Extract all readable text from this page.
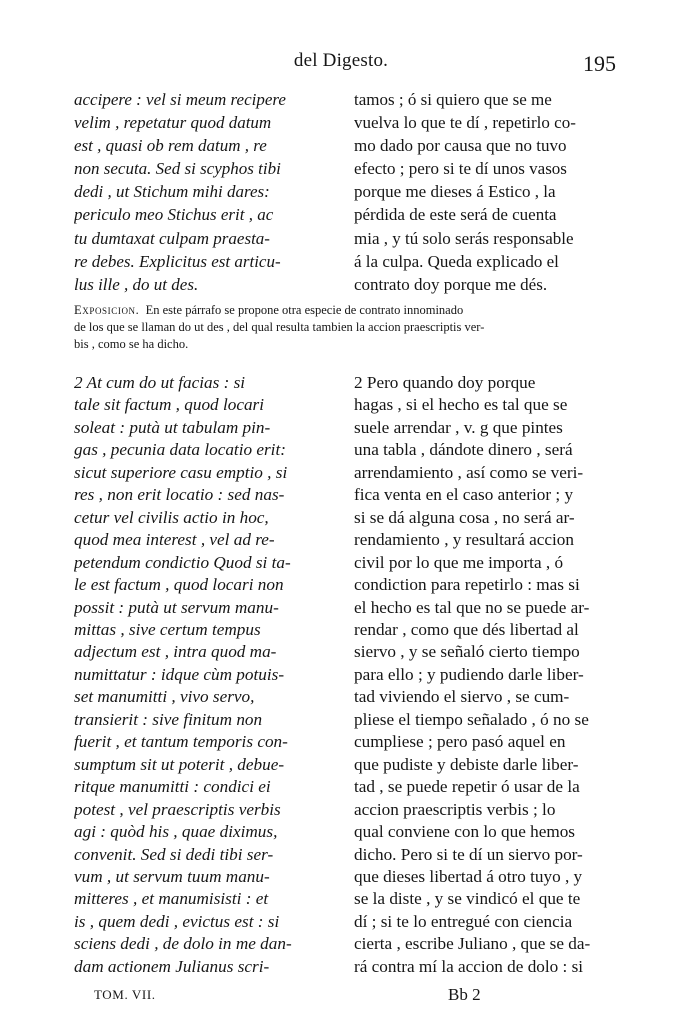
del Digesto.	195
accipere : vel si meum recipere
velim , repetatur quod datum
est , quasi ob rem datum , re
non secuta. Sed si scyphos tibi
dedi , ut Stichum mihi dares:
periculo meo Stichus erit , ac
tu dumtaxat culpam praesta-
re debes. Explicitus est articu-
lus ille , do ut des.
tamos ; ó si quiero que se me
vuelva lo que te dí , repetirlo co-
mo dado por causa que no tuvo
efecto ; pero si te dí unos vasos
porque me dieses á Estico , la
pérdida de este será de cuenta
mia , y tú solo serás responsable
á la culpa. Queda explicado el
contrato doy porque me dés.
Exposicion. En este párrafo se propone otra especie de contrato innominado
de los que se llaman do ut des , del qual resulta tambien la accion praescriptis ver-
bis , como se ha dicho.
2 At cum do ut facias : si
tale sit factum , quod locari
soleat : putà ut tabulam pin-
gas , pecunia data locatio erit:
sicut superiore casu emptio , si
res , non erit locatio : sed nas-
cetur vel civilis actio in hoc,
quod mea interest , vel ad re-
petendum condictio Quod si ta-
le est factum , quod locari non
possit : putà ut servum manu-
mittas , sive certum tempus
adjectum est , intra quod ma-
numittatur : idque cùm potuis-
set manumitti , vivo servo,
transierit : sive finitum non
fuerit , et tantum temporis con-
sumptum sit ut poterit , debue-
ritque manumitti : condici ei
potest , vel praescriptis verbis
agi : quòd his , quae diximus,
convenit. Sed si dedi tibi ser-
vum , ut servum tuum manu-
mitteres , et manumisisti : et
is , quem dedi , evictus est : si
sciens dedi , de dolo in me dan-
dam actionem Julianus scri-
2 Pero quando doy porque
hagas , si el hecho es tal que se
suele arrendar , v. g que pintes
una tabla , dándote dinero , será
arrendamiento , así como se veri-
fica venta en el caso anterior ; y
si se dá alguna cosa , no será ar-
rendamiento , y resultará accion
civil por lo que me importa , ó
condiction para repetirlo : mas si
el hecho es tal que no se puede ar-
rendar , como que dés libertad al
siervo , y se señaló cierto tiempo
para ello ; y pudiendo darle liber-
tad viviendo el siervo , se cum-
pliese el tiempo señalado , ó no se
cumpliese ; pero pasó aquel en
que pudiste y debiste darle liber-
tad , se puede repetir ó usar de la
accion praescriptis verbis ; lo
qual conviene con lo que hemos
dicho. Pero si te dí un siervo por-
que dieses libertad á otro tuyo , y
se la diste , y se vindicó el que te
dí ; si te lo entregué con ciencia
cierta , escribe Juliano , que se da-
rá contra mí la accion de dolo : si
TOM. VII.	Bb 2
